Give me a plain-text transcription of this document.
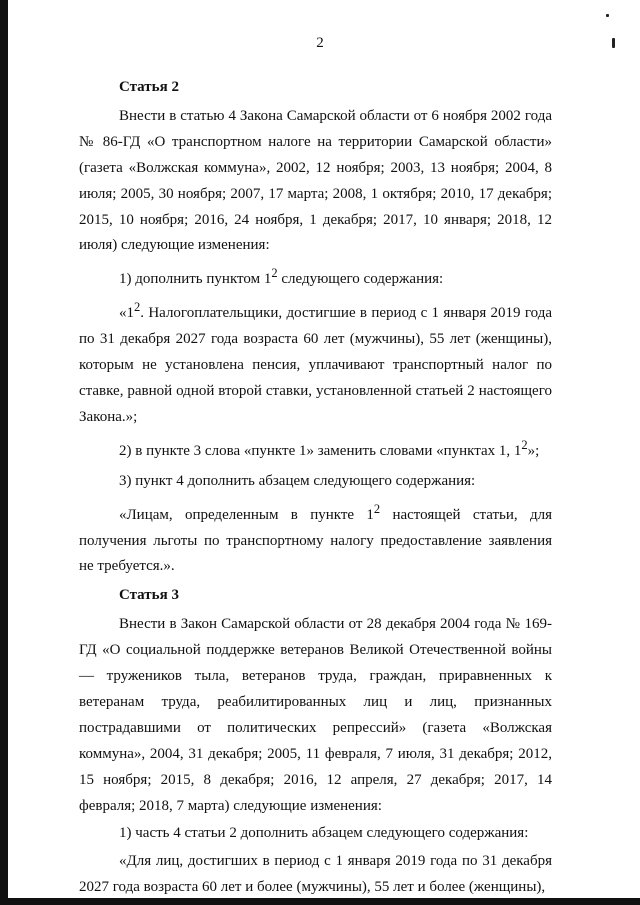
2

Статья 2

Внести в статью 4 Закона Самарской области от 6 ноября 2002 года № 86-ГД «О транспортном налоге на территории Самарской области» (газета «Волжская коммуна», 2002, 12 ноября; 2003, 13 ноября; 2004, 8 июля; 2005, 30 ноября; 2007, 17 марта; 2008, 1 октября; 2010, 17 декабря; 2015, 10 ноября; 2016, 24 ноября, 1 декабря; 2017, 10 января; 2018, 12 июля) следующие изменения:

1) дополнить пунктом $1^2$ следующего содержания:

«$1^2$. Налогоплательщики, достигшие в период с 1 января 2019 года по 31 декабря 2027 года возраста 60 лет (мужчины), 55 лет (женщины), которым не установлена пенсия, уплачивают транспортный налог по ставке, равной одной второй ставки, установленной статьей 2 настоящего Закона.»;

2) в пункте 3 слова «пункте 1» заменить словами «пунктах 1, $1^2$»;

3) пункт 4 дополнить абзацем следующего содержания:

«Лицам, определенным в пункте $1^2$ настоящей статьи, для получения льготы по транспортному налогу предоставление заявления не требуется.».

Статья 3

Внести в Закон Самарской области от 28 декабря 2004 года № 169-ГД «О социальной поддержке ветеранов Великой Отечественной войны — тружеников тыла, ветеранов труда, граждан, приравненных к ветеранам труда, реабилитированных лиц и лиц, признанных пострадавшими от политических репрессий» (газета «Волжская коммуна», 2004, 31 декабря; 2005, 11 февраля, 7 июля, 31 декабря; 2012, 15 ноября; 2015, 8 декабря; 2016, 12 апреля, 27 декабря; 2017, 14 февраля; 2018, 7 марта) следующие изменения:

1) часть 4 статьи 2 дополнить абзацем следующего содержания:

«Для лиц, достигших в период с 1 января 2019 года по 31 декабря 2027 года возраста 60 лет и более (мужчины), 55 лет и более (женщины),
